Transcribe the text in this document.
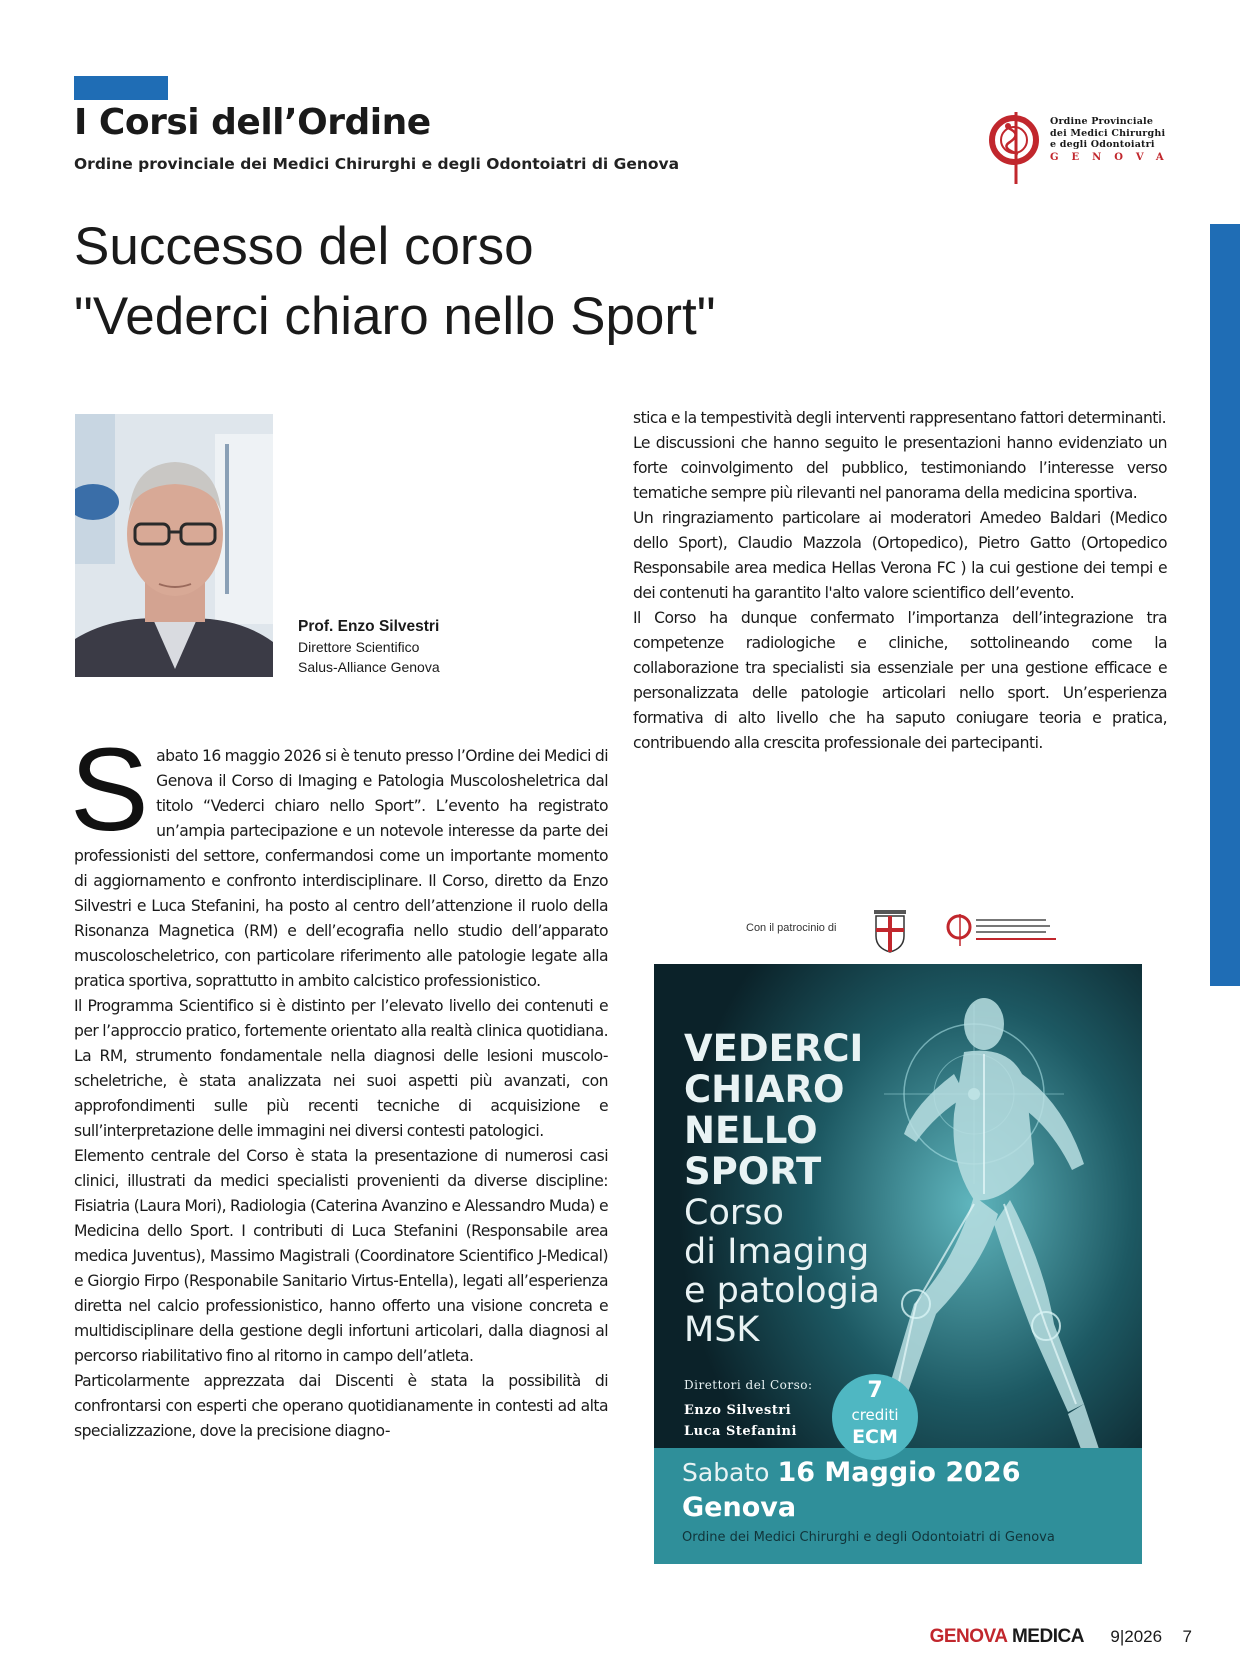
I Corsi dell’Ordine
Ordine provinciale dei Medici Chirurghi e degli Odontoiatri di Genova
Ordine Provinciale
dei Medici Chirurghi
e degli Odontoiatri
GENOVA
Successo del corso
"Vederci chiaro nello Sport"
Prof. Enzo Silvestri
Direttore Scientifico
Salus-Alliance Genova

Sabato 16 maggio 2026 si è tenuto presso l’Ordine dei Medici di Genova il Corso di Imaging e Patologia Muscolosheletrica dal titolo “Vederci chiaro nello Sport”. L’evento ha registrato un’ampia partecipazione e un notevole interesse da parte dei professionisti del settore, confermandosi come un importante momento di aggiornamento e confronto interdisciplinare. Il Corso, diretto da Enzo Silvestri e Luca Stefanini, ha posto al centro dell’attenzione il ruolo della Risonanza Magnetica (RM) e dell’ecografia nello studio dell’apparato muscoloscheletrico, con particolare riferimento alle patologie legate alla pratica sportiva, soprattutto in ambito calcistico professionistico.

Il Programma Scientifico si è distinto per l’elevato livello dei contenuti e per l’approccio pratico, fortemente orientato alla realtà clinica quotidiana. La RM, strumento fondamentale nella diagnosi delle lesioni muscolo-scheletriche, è stata analizzata nei suoi aspetti più avanzati, con approfondimenti sulle più recenti tecniche di acquisizione e sull’interpretazione delle immagini nei diversi contesti patologici.

Elemento centrale del Corso è stata la presentazione di numerosi casi clinici, illustrati da medici specialisti provenienti da diverse discipline: Fisiatria (Laura Mori), Radiologia (Caterina Avanzino e Alessandro Muda) e Medicina dello Sport. I contributi di Luca Stefanini (Responsabile area medica Juventus), Massimo Magistrali (Coordinatore Scientifico J-Medical) e Giorgio Firpo (Responabile Sanitario Virtus-Entella), legati all’esperienza diretta nel calcio professionistico, hanno offerto una visione concreta e multidisciplinare della gestione degli infortuni articolari, dalla diagnosi al percorso riabilitativo fino al ritorno in campo dell’atleta.

Particolarmente apprezzata dai Discenti è stata la possibilità di confrontarsi con esperti che operano quotidianamente in contesti ad alta specializzazione, dove la precisione diagno-

stica e la tempestività degli interventi rappresentano fattori determinanti.

Le discussioni che hanno seguito le presentazioni hanno evidenziato un forte coinvolgimento del pubblico, testimoniando l’interesse verso tematiche sempre più rilevanti nel panorama della medicina sportiva.

Un ringraziamento particolare ai moderatori Amedeo Baldari (Medico dello Sport), Claudio Mazzola (Ortopedico), Pietro Gatto (Ortopedico Responsabile area medica Hellas Verona FC ) la cui gestione dei tempi e dei contenuti ha garantito l'alto valore scientifico dell’evento.

Il Corso ha dunque confermato l’importanza dell’integrazione tra competenze radiologiche e cliniche, sottolineando come la collaborazione tra specialisti sia essenziale per una gestione efficace e personalizzata delle patologie articolari nello sport. Un’esperienza formativa di alto livello che ha saputo coniugare teoria e pratica, contribuendo alla crescita professionale dei partecipanti.

Con il patrocinio di
VEDERCI
CHIARO
NELLO
SPORT
Corso
di Imaging
e patologia
MSK
Direttori del Corso:
Enzo Silvestri
Luca Stefanini
7
crediti
ECM
Sabato 16 Maggio 2026
Genova
Ordine dei Medici Chirurghi e degli Odontoiatri di Genova
GENOVA MEDICA 9|2026 7
